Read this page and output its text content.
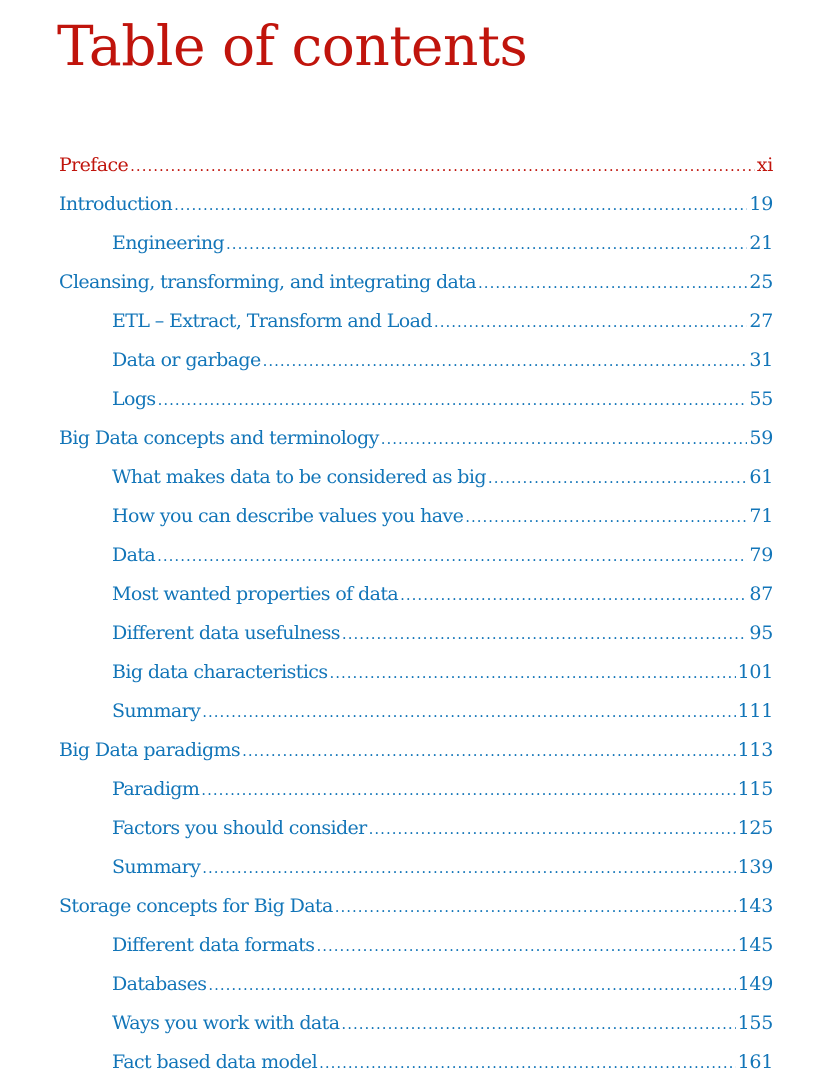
Table of contents
Preface .....	xi
Introduction .....	19
Engineering .....	21
Cleansing, transforming, and integrating data .....	25
ETL – Extract, Transform and Load .....	27
Data or garbage .....	31
Logs .....	55
Big Data concepts and terminology .....	59
What makes data to be considered as big .....	61
How you can describe values you have .....	71
Data .....	79
Most wanted properties of data .....	87
Different data usefulness .....	95
Big data characteristics .....	101
Summary .....	111
Big Data paradigms .....	113
Paradigm .....	115
Factors you should consider .....	125
Summary .....	139
Storage concepts for Big Data .....	143
Different data formats .....	145
Databases .....	149
Ways you work with data .....	155
Fact based data model .....	161
